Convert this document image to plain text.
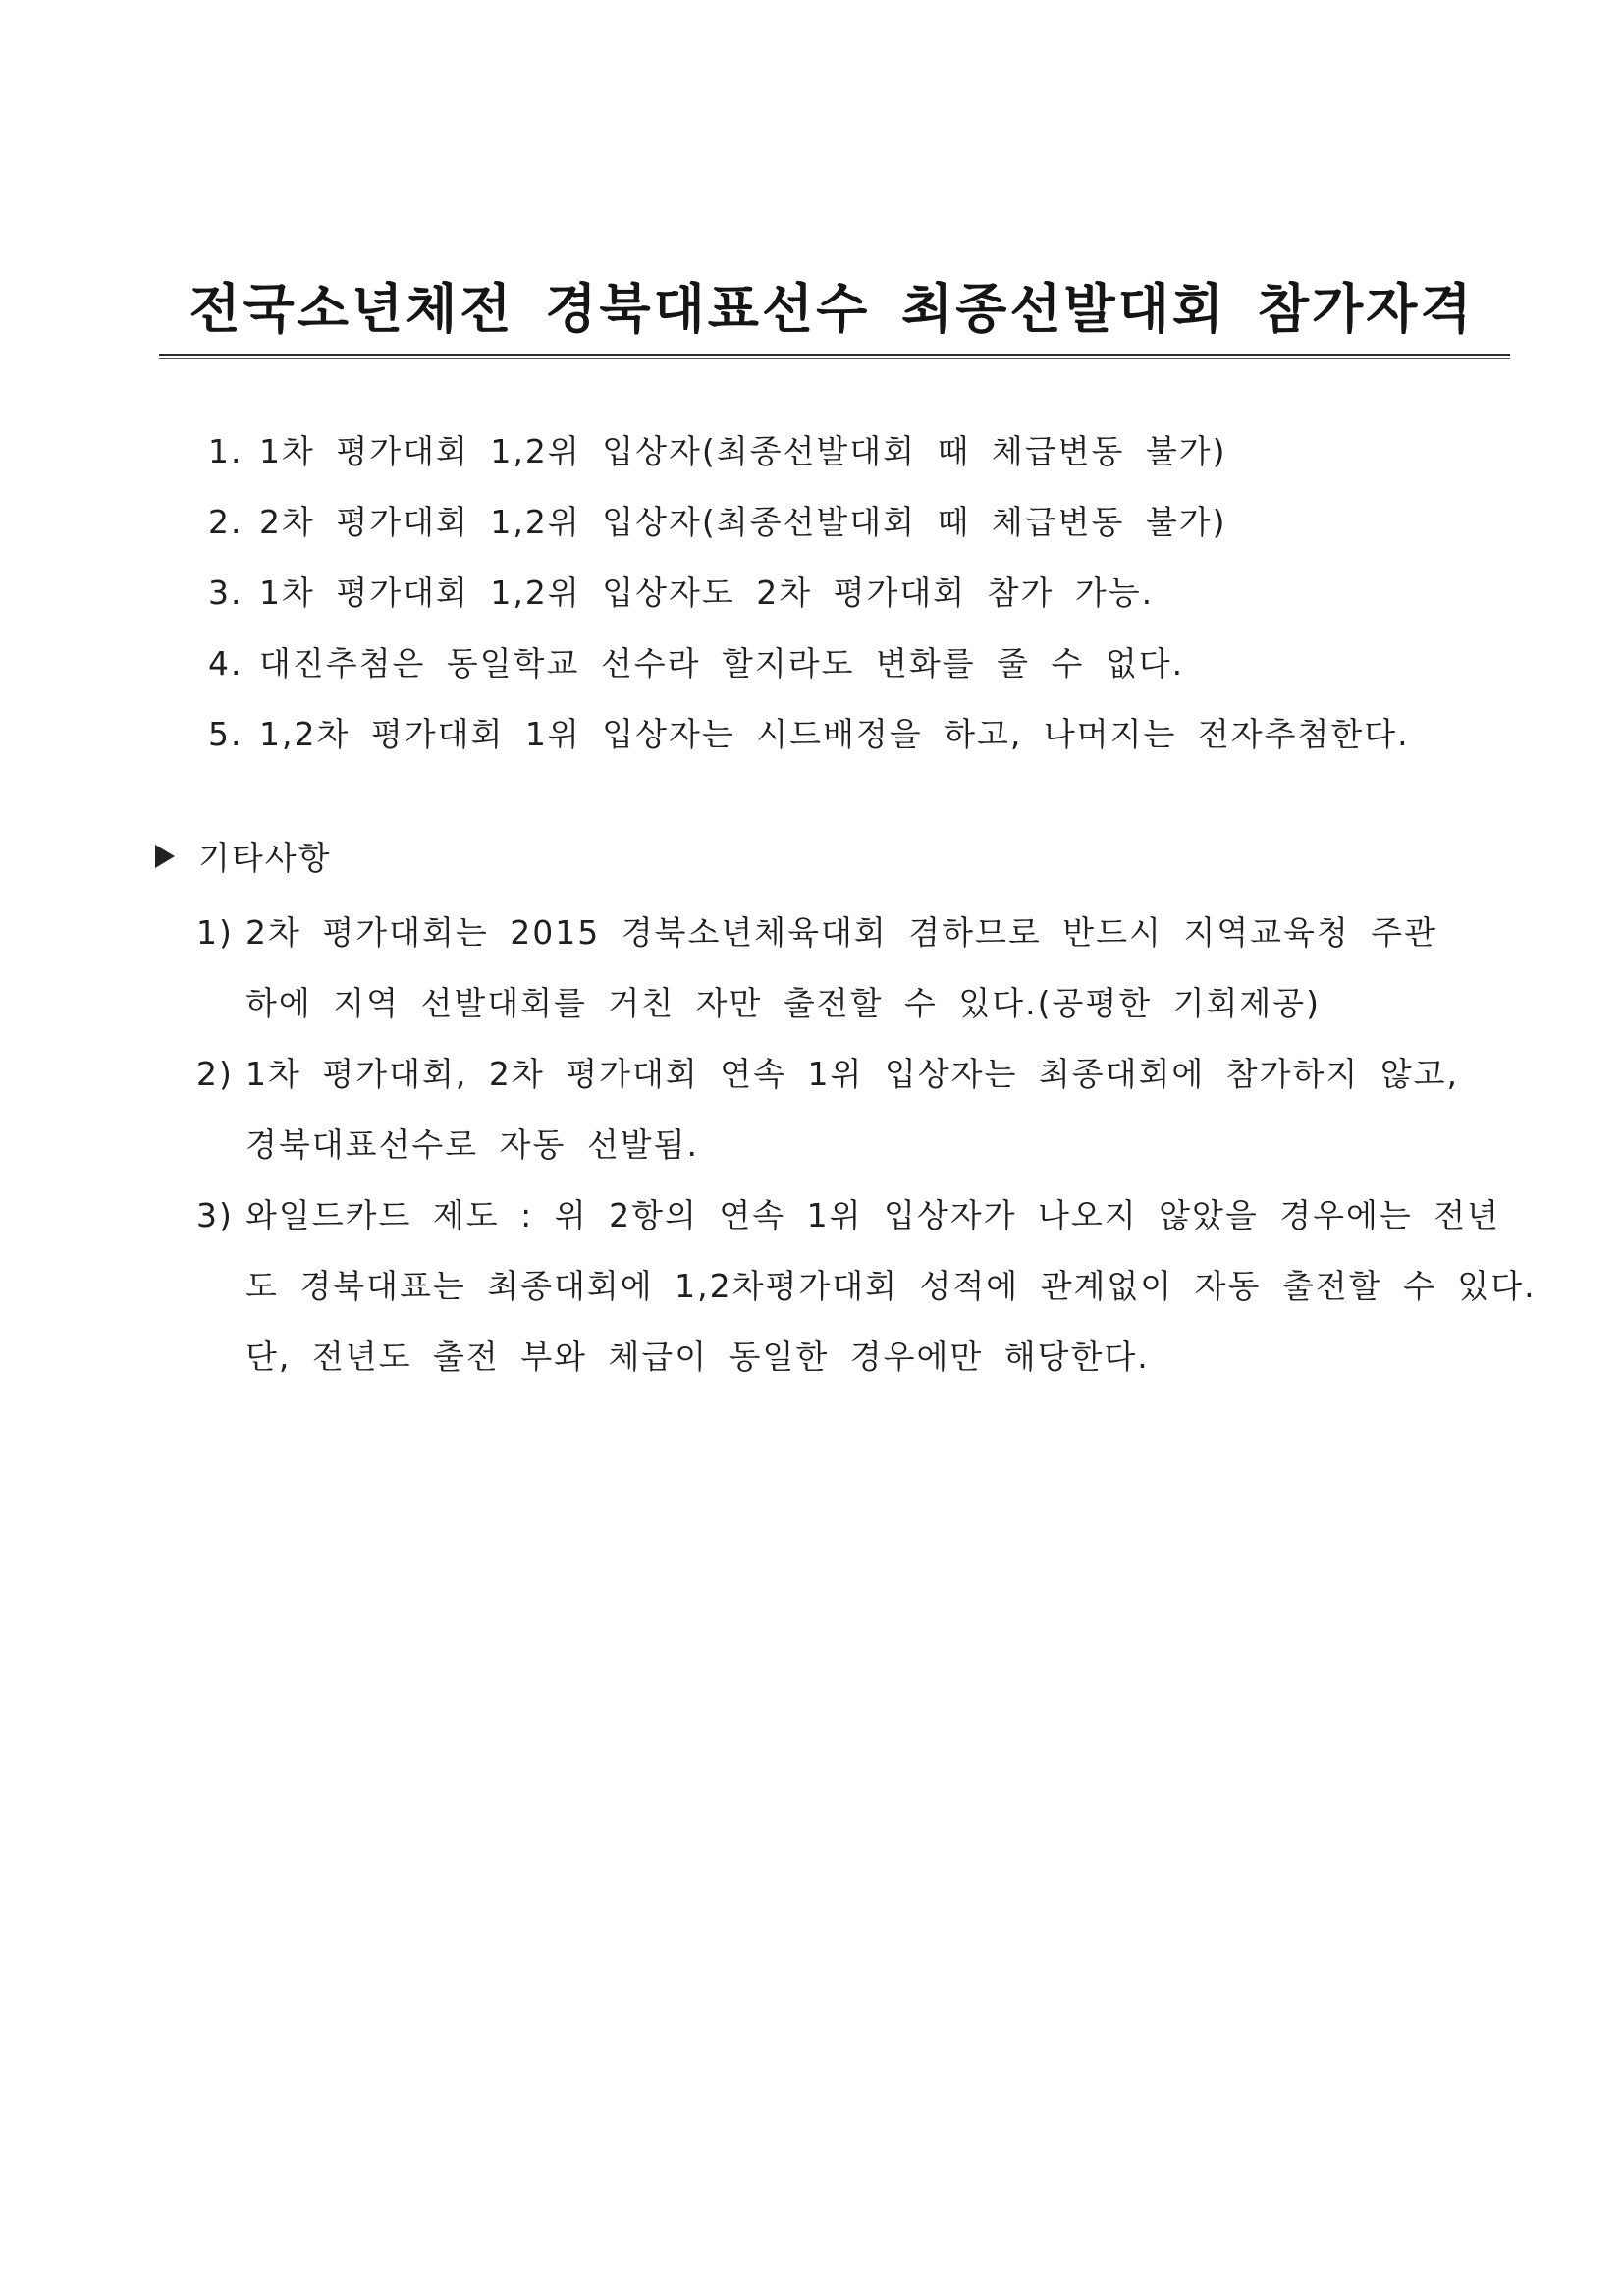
전국소년체전 경북대표선수 최종선발대회 참가자격
1. 1차 평가대회 1,2위 입상자(최종선발대회 때 체급변동 불가)
2. 2차 평가대회 1,2위 입상자(최종선발대회 때 체급변동 불가)
3. 1차 평가대회 1,2위 입상자도 2차 평가대회 참가 가능.
4. 대진추첨은 동일학교 선수라 할지라도 변화를 줄 수 없다.
5. 1,2차 평가대회 1위 입상자는 시드배정을 하고, 나머지는 전자추첨한다.
기타사항
1) 2차 평가대회는 2015 경북소년체육대회 겸하므로 반드시 지역교육청 주관
하에 지역 선발대회를 거친 자만 출전할 수 있다.(공평한 기회제공)
2) 1차 평가대회, 2차 평가대회 연속 1위 입상자는 최종대회에 참가하지 않고,
경북대표선수로 자동 선발됨.
3) 와일드카드 제도 : 위 2항의 연속 1위 입상자가 나오지 않았을 경우에는 전년
도 경북대표는 최종대회에 1,2차평가대회 성적에 관계없이 자동 출전할 수 있다.
단, 전년도 출전 부와 체급이 동일한 경우에만 해당한다.
